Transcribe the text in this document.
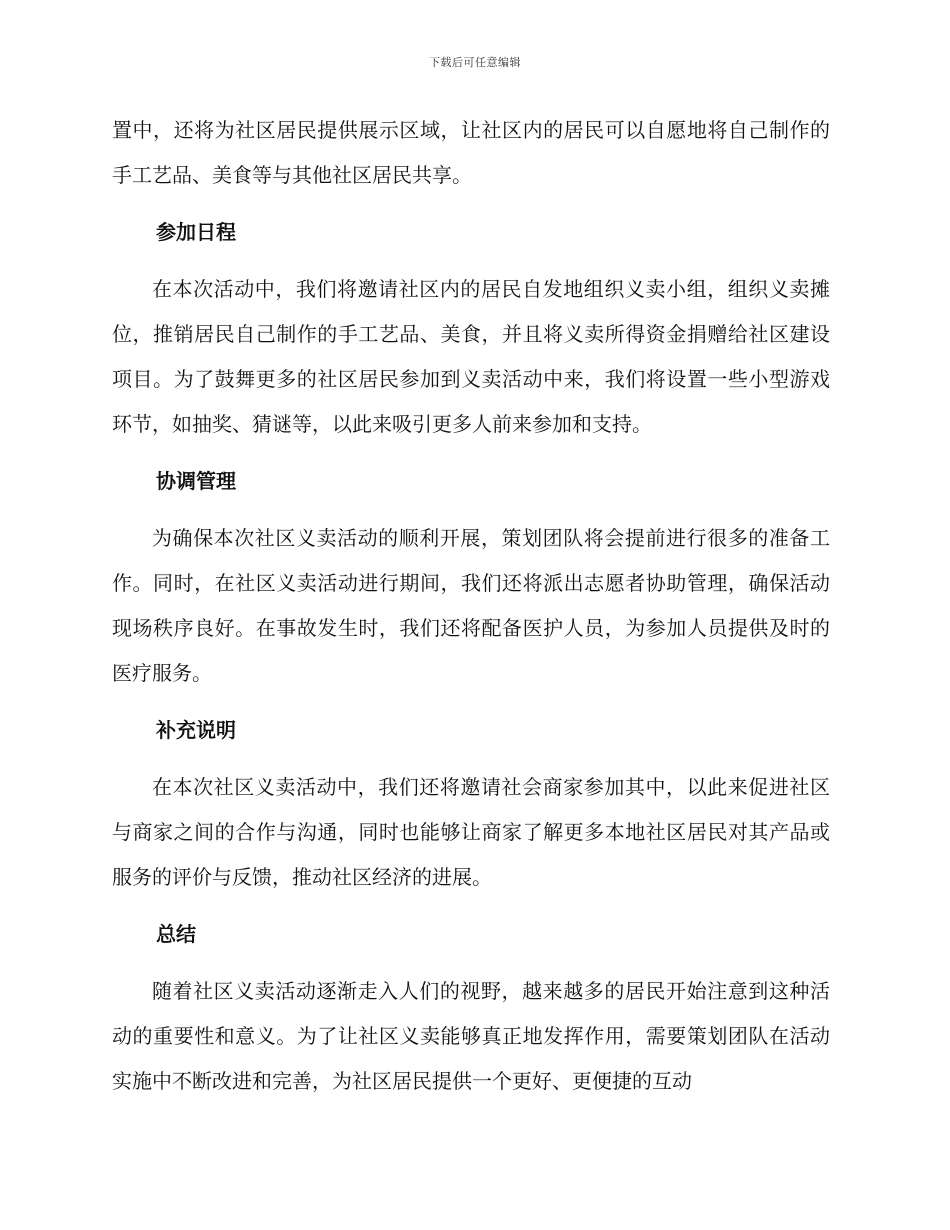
下载后可任意编辑

置中，还将为社区居民提供展示区域，让社区内的居民可以自愿地将自己制作的手工艺品、美食等与其他社区居民共享。

参加日程

在本次活动中，我们将邀请社区内的居民自发地组织义卖小组，组织义卖摊位，推销居民自己制作的手工艺品、美食，并且将义卖所得资金捐赠给社区建设项目。为了鼓舞更多的社区居民参加到义卖活动中来，我们将设置一些小型游戏环节，如抽奖、猜谜等，以此来吸引更多人前来参加和支持。

协调管理

为确保本次社区义卖活动的顺利开展，策划团队将会提前进行很多的准备工作。同时，在社区义卖活动进行期间，我们还将派出志愿者协助管理，确保活动现场秩序良好。在事故发生时，我们还将配备医护人员，为参加人员提供及时的医疗服务。

补充说明

在本次社区义卖活动中，我们还将邀请社会商家参加其中，以此来促进社区与商家之间的合作与沟通，同时也能够让商家了解更多本地社区居民对其产品或服务的评价与反馈，推动社区经济的进展。

总结

随着社区义卖活动逐渐走入人们的视野，越来越多的居民开始注意到这种活动的重要性和意义。为了让社区义卖能够真正地发挥作用，需要策划团队在活动实施中不断改进和完善，为社区居民提供一个更好、更便捷的互动
